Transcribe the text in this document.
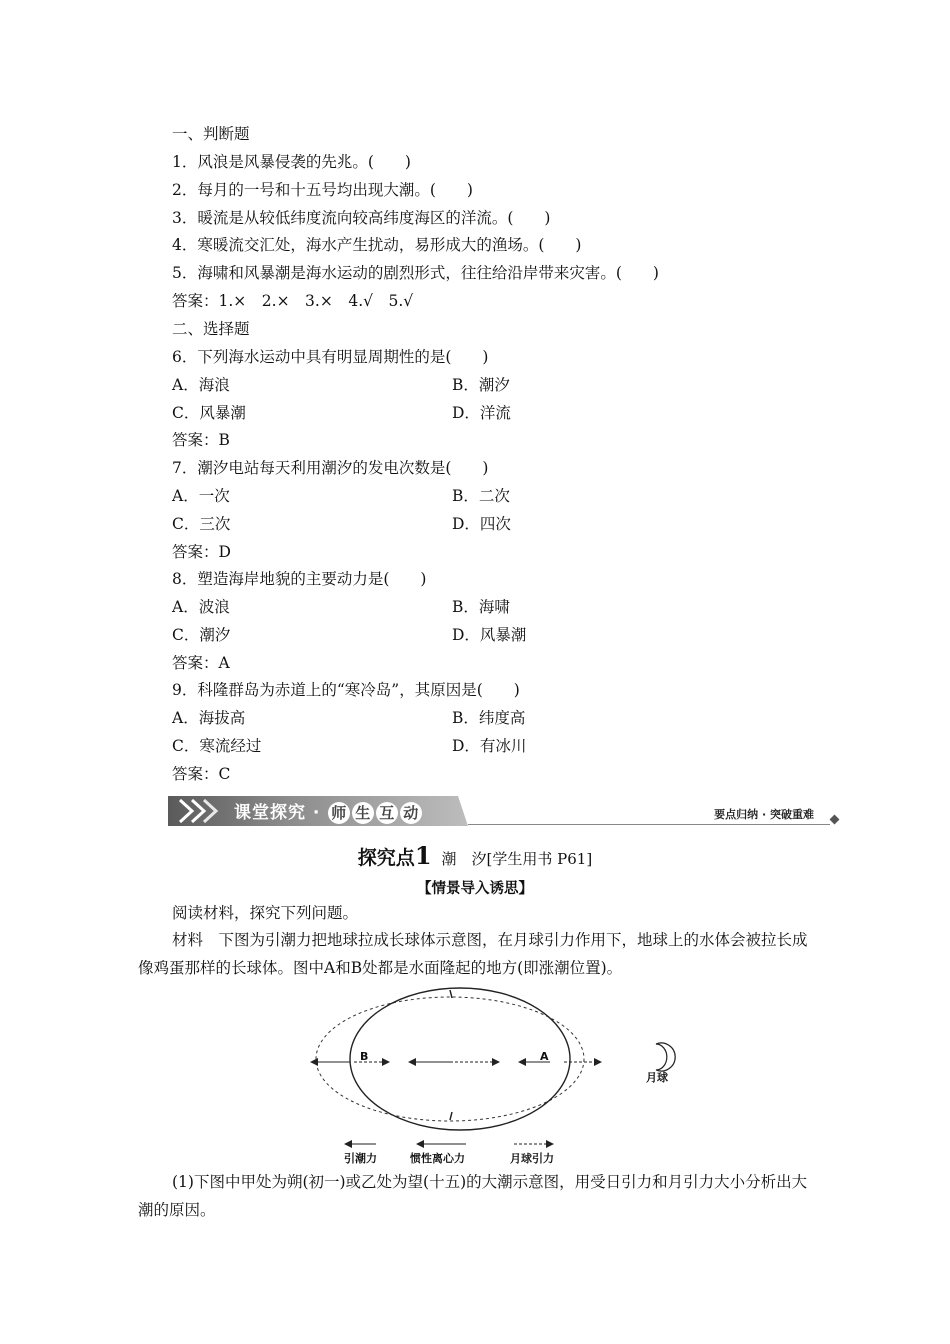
一、判断题
1．风浪是风暴侵袭的先兆。(　　)
2．每月的一号和十五号均出现大潮。(　　)
3．暖流是从较低纬度流向较高纬度海区的洋流。(　　)
4．寒暖流交汇处，海水产生扰动，易形成大的渔场。(　　)
5．海啸和风暴潮是海水运动的剧烈形式，往往给沿岸带来灾害。(　　)
答案：1.×　2.×　3.×　4.√　5.√
二、选择题
6．下列海水运动中具有明显周期性的是(　　)
A．海浪	B．潮汐
C．风暴潮	D．洋流
答案：B
7．潮汐电站每天利用潮汐的发电次数是(　　)
A．一次	B．二次
C．三次	D．四次
答案：D
8．塑造海岸地貌的主要动力是(　　)
A．波浪	B．海啸
C．潮汐	D．风暴潮
答案：A
9．科隆群岛为赤道上的“寒冷岛”，其原因是(　　)
A．海拔高	B．纬度高
C．寒流经过	D．有冰川
答案：C
课堂探究 · 师 生 互 动	要点归纳 · 突破重难
探究点1 潮　汐[学生用书 P61]
【情景导入诱思】
阅读材料，探究下列问题。
材料　下图为引潮力把地球拉成长球体示意图，在月球引力作用下，地球上的水体会被拉长成像鸡蛋那样的长球体。图中A和B处都是水面隆起的地方(即涨潮位置)。
B	A
月球
引潮力	惯性离心力	月球引力
(1)下图中甲处为朔(初一)或乙处为望(十五)的大潮示意图，用受日引力和月引力大小分析出大潮的原因。
